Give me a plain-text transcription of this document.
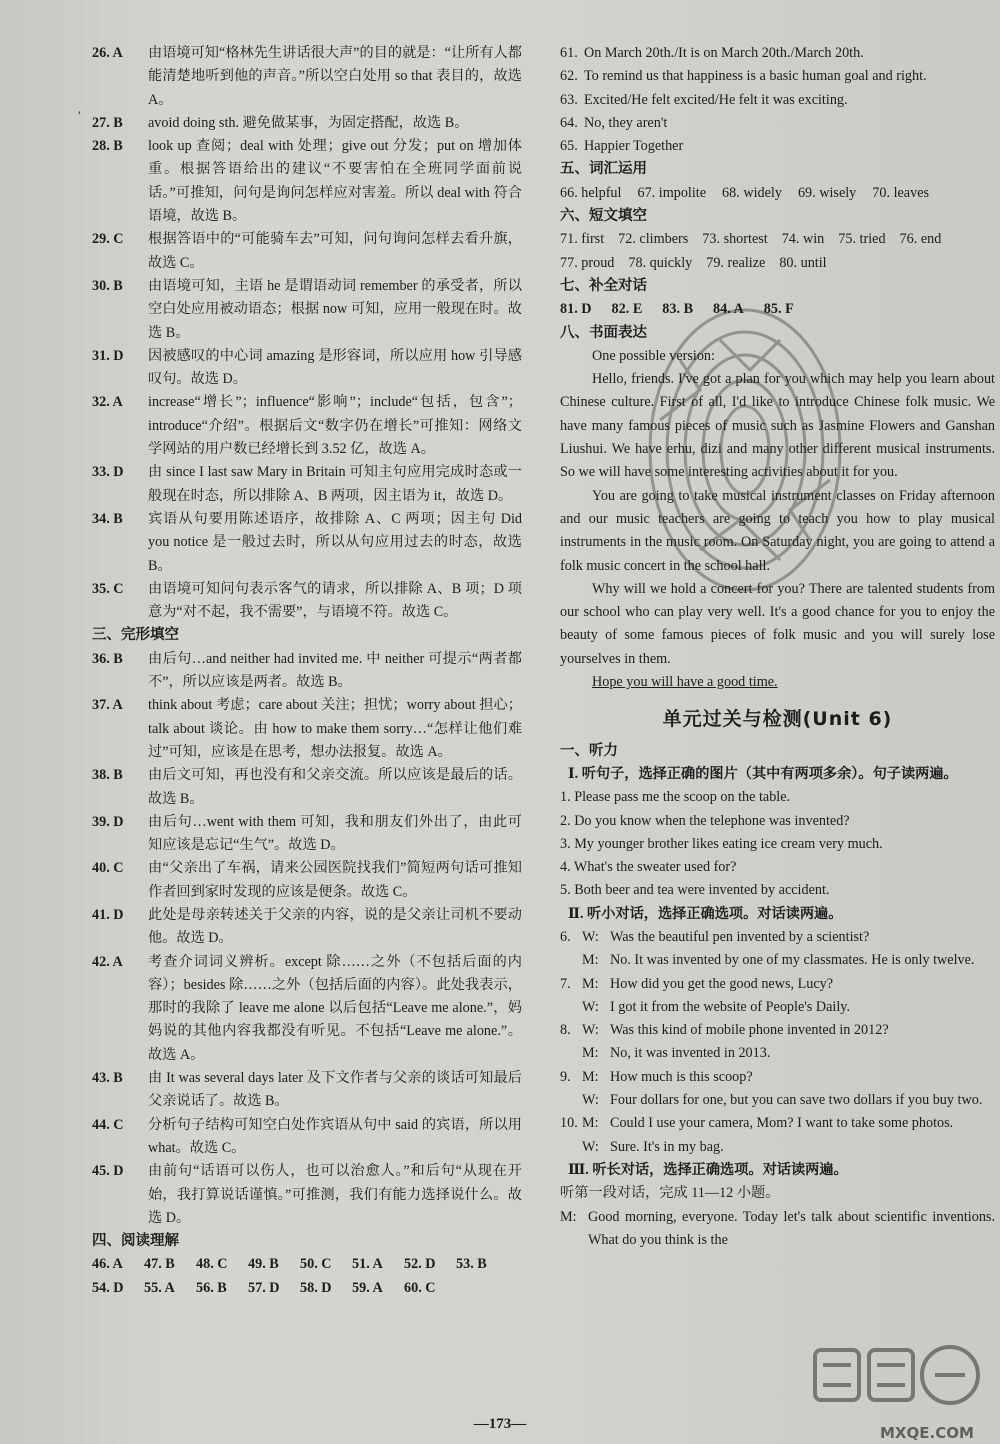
′
26. A	由语境可知“格林先生讲话很大声”的目的就是：“让所有人都能清楚地听到他的声音。”所以空白处用 so that 表目的，故选 A。
27. B	avoid doing sth. 避免做某事，为固定搭配，故选 B。
28. B	look up 查阅；deal with 处理；give out 分发；put on 增加体重。根据答语给出的建议“不要害怕在全班同学面前说话。”可推知，问句是询问怎样应对害羞。所以 deal with 符合语境，故选 B。
29. C	根据答语中的“可能骑车去”可知，问句询问怎样去看升旗，故选 C。
30. B	由语境可知，主语 he 是谓语动词 remember 的承受者，所以空白处应用被动语态；根据 now 可知，应用一般现在时。故选 B。
31. D	因被感叹的中心词 amazing 是形容词，所以应用 how 引导感叹句。故选 D。
32. A	increase“增长”；influence“影响”；include“包括，包含”；introduce“介绍”。根据后文“数字仍在增长”可推知：网络文学网站的用户数已经增长到 3.52 亿，故选 A。
33. D	由 since I last saw Mary in Britain 可知主句应用完成时态或一般现在时态，所以排除 A、B 两项，因主语为 it，故选 D。
34. B	宾语从句要用陈述语序，故排除 A、C 两项；因主句 Did you notice 是一般过去时，所以从句应用过去的时态，故选 B。
35. C	由语境可知问句表示客气的请求，所以排除 A、B 项；D 项意为“对不起，我不需要”，与语境不符。故选 C。
三、完形填空
36. B	由后句…and neither had invited me. 中 neither 可提示“两者都不”，所以应该是两者。故选 B。
37. A	think about 考虑；care about 关注；担忧；worry about 担心；talk about 谈论。由 how to make them sorry…“怎样让他们难过”可知，应该是在思考，想办法报复。故选 A。
38. B	由后文可知，再也没有和父亲交流。所以应该是最后的话。故选 B。
39. D	由后句…went with them 可知，我和朋友们外出了，由此可知应该是忘记“生气”。故选 D。
40. C	由“父亲出了车祸，请来公园医院找我们”简短两句话可推知作者回到家时发现的应该是便条。故选 C。
41. D	此处是母亲转述关于父亲的内容，说的是父亲让司机不要动他。故选 D。
42. A	考查介词词义辨析。except 除……之外（不包括后面的内容）；besides 除……之外（包括后面的内容）。此处我表示，那时的我除了 leave me alone 以后包括“Leave me alone.”，妈妈说的其他内容我都没有听见。不包括“Leave me alone.”。故选 A。
43. B	由 It was several days later 及下文作者与父亲的谈话可知最后父亲说话了。故选 B。
44. C	分析句子结构可知空白处作宾语从句中 said 的宾语，所以用 what。故选 C。
45. D	由前句“话语可以伤人，也可以治愈人。”和后句“从现在开始，我打算说话谨慎。”可推测，我们有能力选择说什么。故选 D。
四、阅读理解
46. A	47. B	48. C	49. B	50. C	51. A	52. D	53. B
54. D	55. A	56. B	57. D	58. D	59. A	60. C
61. On March 20th./It is on March 20th./March 20th.
62. To remind us that happiness is a basic human goal and right.
63. Excited/He felt excited/He felt it was exciting.
64. No, they aren't
65. Happier Together
五、词汇运用
66. helpful 67. impolite 68. widely 69. wisely 70. leaves
六、短文填空
71. first 72. climbers 73. shortest 74. win 75. tried 76. end
77. proud 78. quickly 79. realize 80. until
七、补全对话
81. D 82. E 83. B 84. A 85. F
八、书面表达
One possible version:
Hello, friends. I've got a plan for you which may help you learn about Chinese culture. First of all, I'd like to introduce Chinese folk music. We have many famous pieces of music such as Jasmine Flowers and Ganshan Liushui. We have erhu, dizi and many other different musical instruments. So we will have some interesting activities about it for you.
You are going to take musical instrument classes on Friday afternoon and our music teachers are going to teach you how to play musical instruments in the music room. On Saturday night, you are going to attend a folk music concert in the school hall.
Why will we hold a concert for you? There are talented students from our school who can play very well. It's a good chance for you to enjoy the beauty of some famous pieces of folk music and you will surely lose yourselves in them.
Hope you will have a good time.
单元过关与检测(Unit 6)
一、听力
Ⅰ. 听句子，选择正确的图片（其中有两项多余）。句子读两遍。
1. Please pass me the scoop on the table.
2. Do you know when the telephone was invented?
3. My younger brother likes eating ice cream very much.
4. What's the sweater used for?
5. Both beer and tea were invented by accident.
Ⅱ. 听小对话，选择正确选项。对话读两遍。
6. W: Was the beautiful pen invented by a scientist?
M: No. It was invented by one of my classmates. He is only twelve.
7. M: How did you get the good news, Lucy?
W: I got it from the website of People's Daily.
8. W: Was this kind of mobile phone invented in 2012?
M: No, it was invented in 2013.
9. M: How much is this scoop?
W: Four dollars for one, but you can save two dollars if you buy two.
10. M: Could I use your camera, Mom? I want to take some photos.
W: Sure. It's in my bag.
Ⅲ. 听长对话，选择正确选项。对话读两遍。
听第一段对话，完成 11—12 小题。
M: Good morning, everyone. Today let's talk about scientific inventions. What do you think is the
MXQE.COM
—173—
